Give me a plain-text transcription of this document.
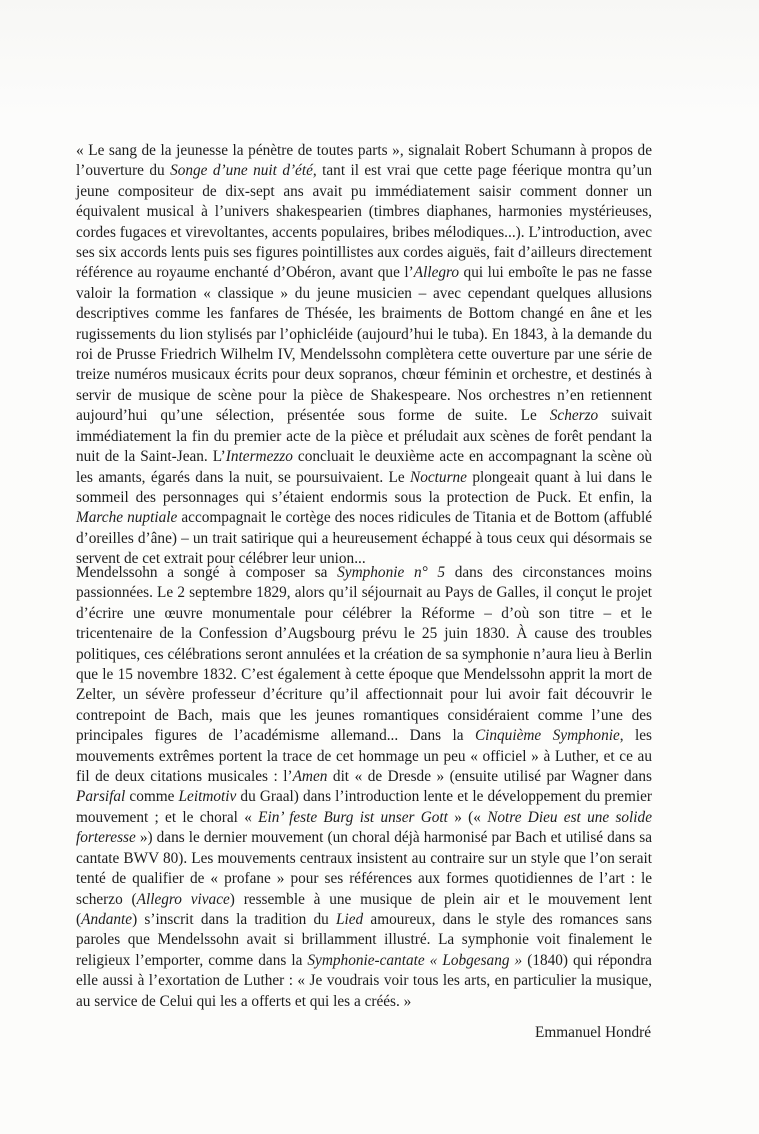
« Le sang de la jeunesse la pénètre de toutes parts », signalait Robert Schumann à propos de l’ouverture du Songe d’une nuit d’été, tant il est vrai que cette page féerique montra qu’un jeune compositeur de dix-sept ans avait pu immédiatement saisir comment donner un équivalent musical à l’univers shakespearien (timbres diaphanes, harmonies mystérieuses, cordes fugaces et virevoltantes, accents populaires, bribes mélodiques...). L’introduction, avec ses six accords lents puis ses figures pointillistes aux cordes aiguës, fait d’ailleurs directement référence au royaume enchanté d’Obéron, avant que l’Allegro qui lui emboîte le pas ne fasse valoir la formation « classique » du jeune musicien – avec cependant quelques allusions descriptives comme les fanfares de Thésée, les braiments de Bottom changé en âne et les rugissements du lion stylisés par l’ophicléide (aujourd’hui le tuba). En 1843, à la demande du roi de Prusse Friedrich Wilhelm IV, Mendelssohn complètera cette ouverture par une série de treize numéros musicaux écrits pour deux sopranos, chœur féminin et orchestre, et destinés à servir de musique de scène pour la pièce de Shakespeare. Nos orchestres n’en retiennent aujourd’hui qu’une sélection, présentée sous forme de suite. Le Scherzo suivait immédiatement la fin du premier acte de la pièce et préludait aux scènes de forêt pendant la nuit de la Saint-Jean. L’Intermezzo concluait le deuxième acte en accompagnant la scène où les amants, égarés dans la nuit, se poursuivaient. Le Nocturne plongeait quant à lui dans le sommeil des personnages qui s’étaient endormis sous la protection de Puck. Et enfin, la Marche nuptiale accompagnait le cortège des noces ridicules de Titania et de Bottom (affublé d’oreilles d’âne) – un trait satirique qui a heureusement échappé à tous ceux qui désormais se servent de cet extrait pour célébrer leur union...

Mendelssohn a songé à composer sa Symphonie n° 5 dans des circonstances moins passionnées. Le 2 septembre 1829, alors qu’il séjournait au Pays de Galles, il conçut le projet d’écrire une œuvre monumentale pour célébrer la Réforme – d’où son titre – et le tricentenaire de la Confession d’Augsbourg prévu le 25 juin 1830. À cause des troubles politiques, ces célébrations seront annulées et la création de sa symphonie n’aura lieu à Berlin que le 15 novembre 1832. C’est également à cette époque que Mendelssohn apprit la mort de Zelter, un sévère professeur d’écriture qu’il affectionnait pour lui avoir fait découvrir le contrepoint de Bach, mais que les jeunes romantiques considéraient comme l’une des principales figures de l’académisme allemand... Dans la Cinquième Symphonie, les mouvements extrêmes portent la trace de cet hommage un peu « officiel » à Luther, et ce au fil de deux citations musicales : l’Amen dit « de Dresde » (ensuite utilisé par Wagner dans Parsifal comme Leitmotiv du Graal) dans l’introduction lente et le développement du premier mouvement ; et le choral « Ein’ feste Burg ist unser Gott » (« Notre Dieu est une solide forteresse ») dans le dernier mouvement (un choral déjà harmonisé par Bach et utilisé dans sa cantate BWV 80). Les mouvements centraux insistent au contraire sur un style que l’on serait tenté de qualifier de « profane » pour ses références aux formes quotidiennes de l’art : le scherzo (Allegro vivace) ressemble à une musique de plein air et le mouvement lent (Andante) s’inscrit dans la tradition du Lied amoureux, dans le style des romances sans paroles que Mendelssohn avait si brillamment illustré. La symphonie voit finalement le religieux l’emporter, comme dans la Symphonie-cantate « Lobgesang » (1840) qui répondra elle aussi à l’exortation de Luther : « Je voudrais voir tous les arts, en particulier la musique, au service de Celui qui les a offerts et qui les a créés. »

Emmanuel Hondré
